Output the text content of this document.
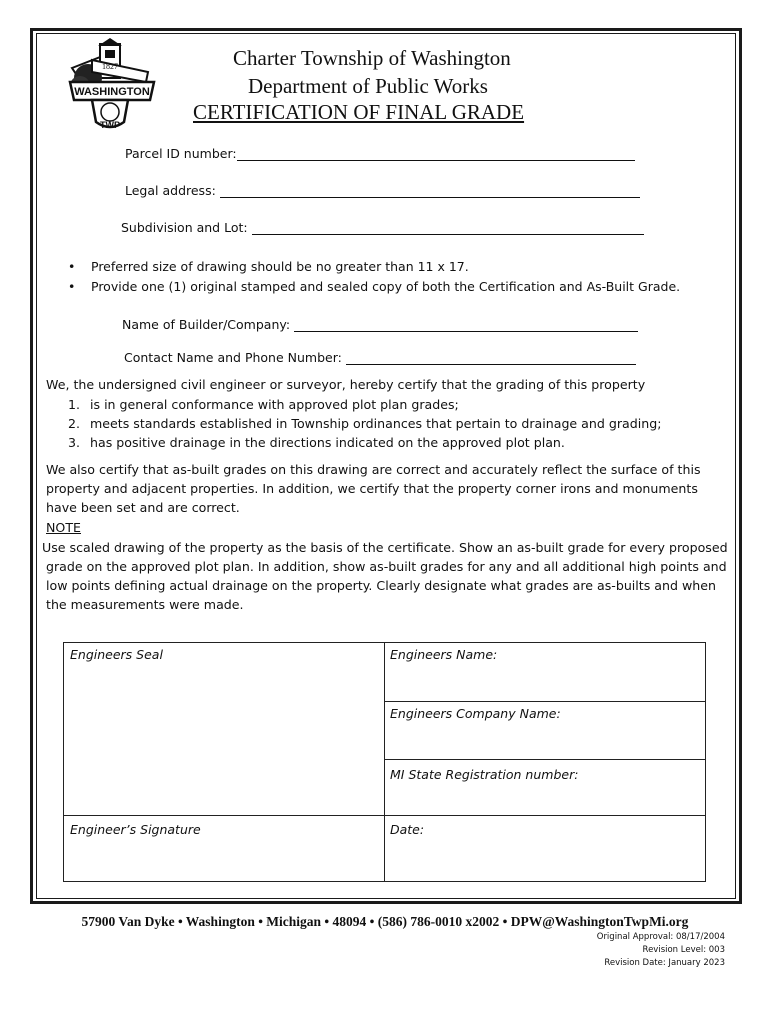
1827
WASHINGTON
TWP
Charter Township of Washington
Department of Public Works
CERTIFICATION OF FINAL GRADE
Parcel ID number:
Legal address:
Subdivision and Lot:
• Preferred size of drawing should be no greater than 11 x 17.
• Provide one (1) original stamped and sealed copy of both the Certification and As-Built Grade.
Name of Builder/Company:
Contact Name and Phone Number:
We, the undersigned civil engineer or surveyor, hereby certify that the grading of this property
1. is in general conformance with approved plot plan grades;
2. meets standards established in Township ordinances that pertain to drainage and grading;
3. has positive drainage in the directions indicated on the approved plot plan.
We also certify that as-built grades on this drawing are correct and accurately reflect the surface of this
property and adjacent properties. In addition, we certify that the property corner irons and monuments
have been set and are correct.
NOTE
Use scaled drawing of the property as the basis of the certificate. Show an as-built grade for every proposed
grade on the approved plot plan. In addition, show as-built grades for any and all additional high points and
low points defining actual drainage on the property. Clearly designate what grades are as-builts and when
the measurements were made.
Engineers Seal	Engineers Name:
Engineers Company Name:
MI State Registration number:
Engineer’s Signature	Date:
57900 Van Dyke • Washington • Michigan • 48094 • (586) 786-0010 x2002 • DPW@WashingtonTwpMi.org
Original Approval: 08/17/2004
Revision Level: 003
Revision Date: January 2023
